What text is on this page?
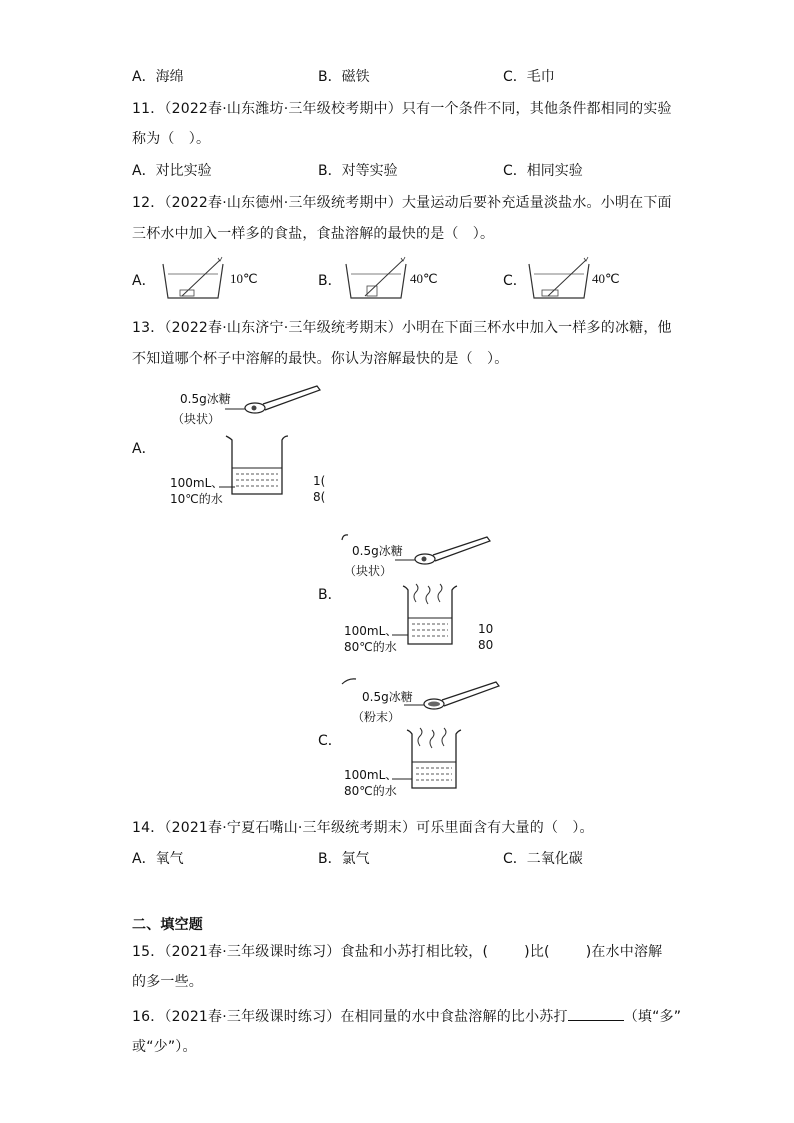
A．海绵	B．磁铁	C．毛巾
11．（2022春·山东潍坊·三年级校考期中）只有一个条件不同，其他条件都相同的实验
称为（　）。
A．对比实验	B．对等实验	C．相同实验
12．（2022春·山东德州·三年级统考期中）大量运动后要补充适量淡盐水。小明在下面
三杯水中加入一样多的食盐，食盐溶解的最快的是（　）。
A．	10℃	B．	40℃	C．	40℃
13．（2022春·山东济宁·三年级统考期末）小明在下面三杯水中加入一样多的冰糖，他
不知道哪个杯子中溶解的最快。你认为溶解最快的是（　）。
A．
0.5g冰糖
（块状）
100mL、
10℃的水
1(
8(
B．
0.5g冰糖
（块状）
100mL、
80℃的水
10
80
C．
0.5g冰糖
（粉末）
100mL、
80℃的水
14．（2021春·宁夏石嘴山·三年级统考期末）可乐里面含有大量的（　）。
A．氧气	B．氯气	C．二氧化碳
二、填空题
15．（2021春·三年级课时练习）食盐和小苏打相比较，(	)比(	)在水中溶解
的多一些。
16．（2021春·三年级课时练习）在相同量的水中食盐溶解的比小苏打	（填“多”
或“少”）。
